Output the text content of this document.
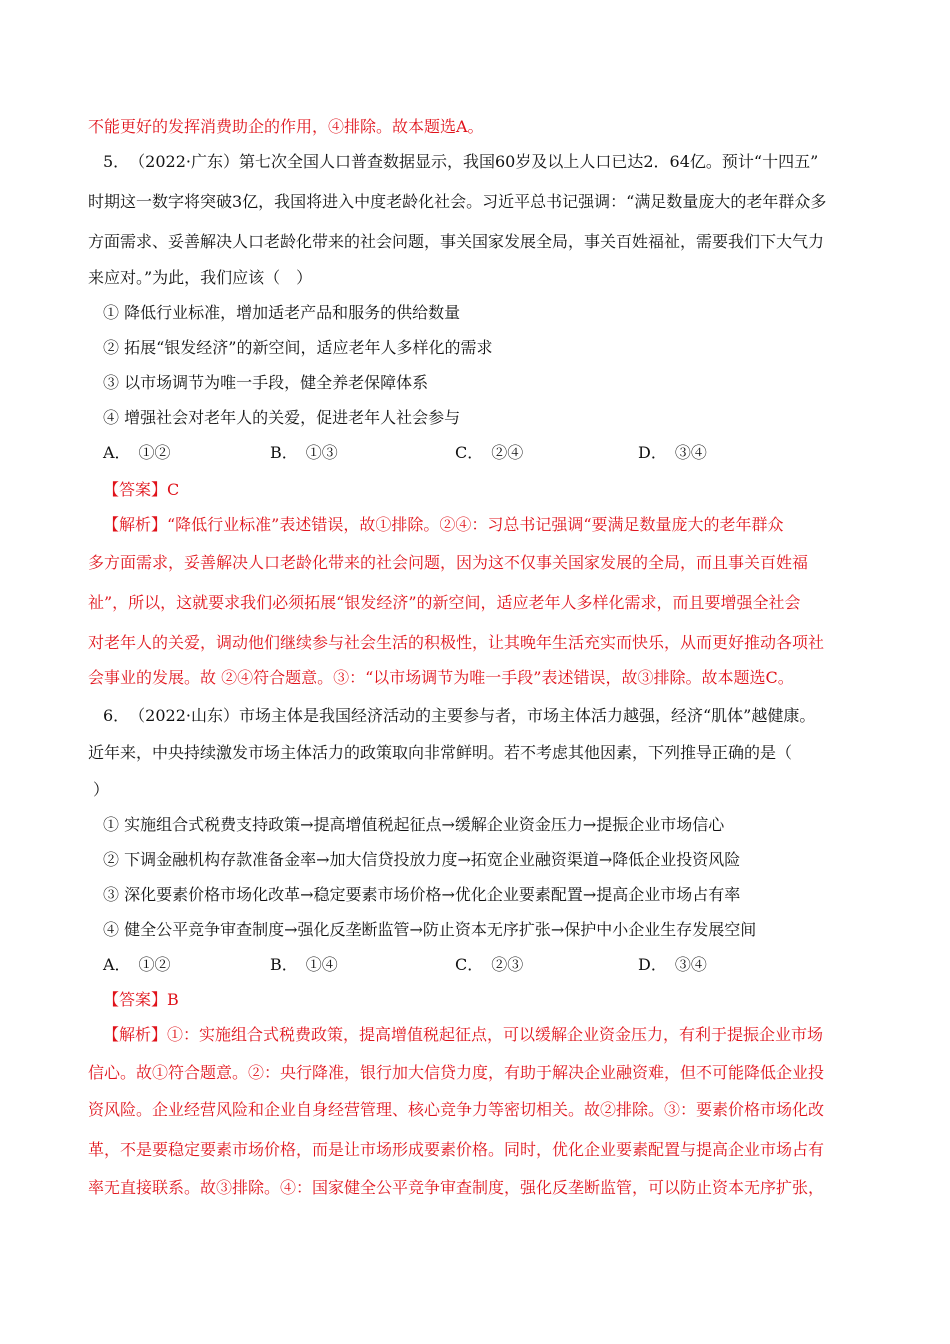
不能更好的发挥消费助企的作用，④排除。故本题选A。
5．　（2022·广东）第七次全国人口普查数据显示，我国60岁及以上人口已达2．64亿。预计“十四五”
时期这一数字将突破3亿，我国将进入中度老龄化社会。习近平总书记强调：“满足数量庞大的老年群众多
方面需求、妥善解决人口老龄化带来的社会问题，事关国家发展全局，事关百姓福祉，需要我们下大气力
来应对。”为此，我们应该（　）
① 降低行业标准，增加适老产品和服务的供给数量
② 拓展“银发经济”的新空间，适应老年人多样化的需求
③ 以市场调节为唯一手段，健全养老保障体系
④ 增强社会对老年人的关爱，促进老年人社会参与
A．　①②	B．　①③	C．　②④	D．　③④
【答案】C
【解析】“降低行业标准”表述错误，故①排除。②④：习总书记强调“要满足数量庞大的老年群众
多方面需求，妥善解决人口老龄化带来的社会问题，因为这不仅事关国家发展的全局，而且事关百姓福
祉”，所以，这就要求我们必须拓展“银发经济”的新空间，适应老年人多样化需求，而且要增强全社会
对老年人的关爱，调动他们继续参与社会生活的积极性，让其晚年生活充实而快乐，从而更好推动各项社
会事业的发展。故 ②④符合题意。③：“以市场调节为唯一手段”表述错误，故③排除。故本题选C。
6．　（2022·山东）市场主体是我国经济活动的主要参与者，市场主体活力越强，经济“肌体”越健康。
近年来，中央持续激发市场主体活力的政策取向非常鲜明。若不考虑其他因素，下列推导正确的是（
）
① 实施组合式税费支持政策→提高增值税起征点→缓解企业资金压力→提振企业市场信心
② 下调金融机构存款准备金率→加大信贷投放力度→拓宽企业融资渠道→降低企业投资风险
③ 深化要素价格市场化改革→稳定要素市场价格→优化企业要素配置→提高企业市场占有率
④ 健全公平竞争审查制度→强化反垄断监管→防止资本无序扩张→保护中小企业生存发展空间
A．　①②	B．　①④	C．　②③	D．　③④
【答案】B
【解析】①：实施组合式税费政策，提高增值税起征点，可以缓解企业资金压力，有利于提振企业市场
信心。故①符合题意。②：央行降准，银行加大信贷力度，有助于解决企业融资难，但不可能降低企业投
资风险。企业经营风险和企业自身经营管理、核心竞争力等密切相关。故②排除。③：要素价格市场化改
革，不是要稳定要素市场价格，而是让市场形成要素价格。同时，优化企业要素配置与提高企业市场占有
率无直接联系。故③排除。④：国家健全公平竞争审查制度，强化反垄断监管，可以防止资本无序扩张，
